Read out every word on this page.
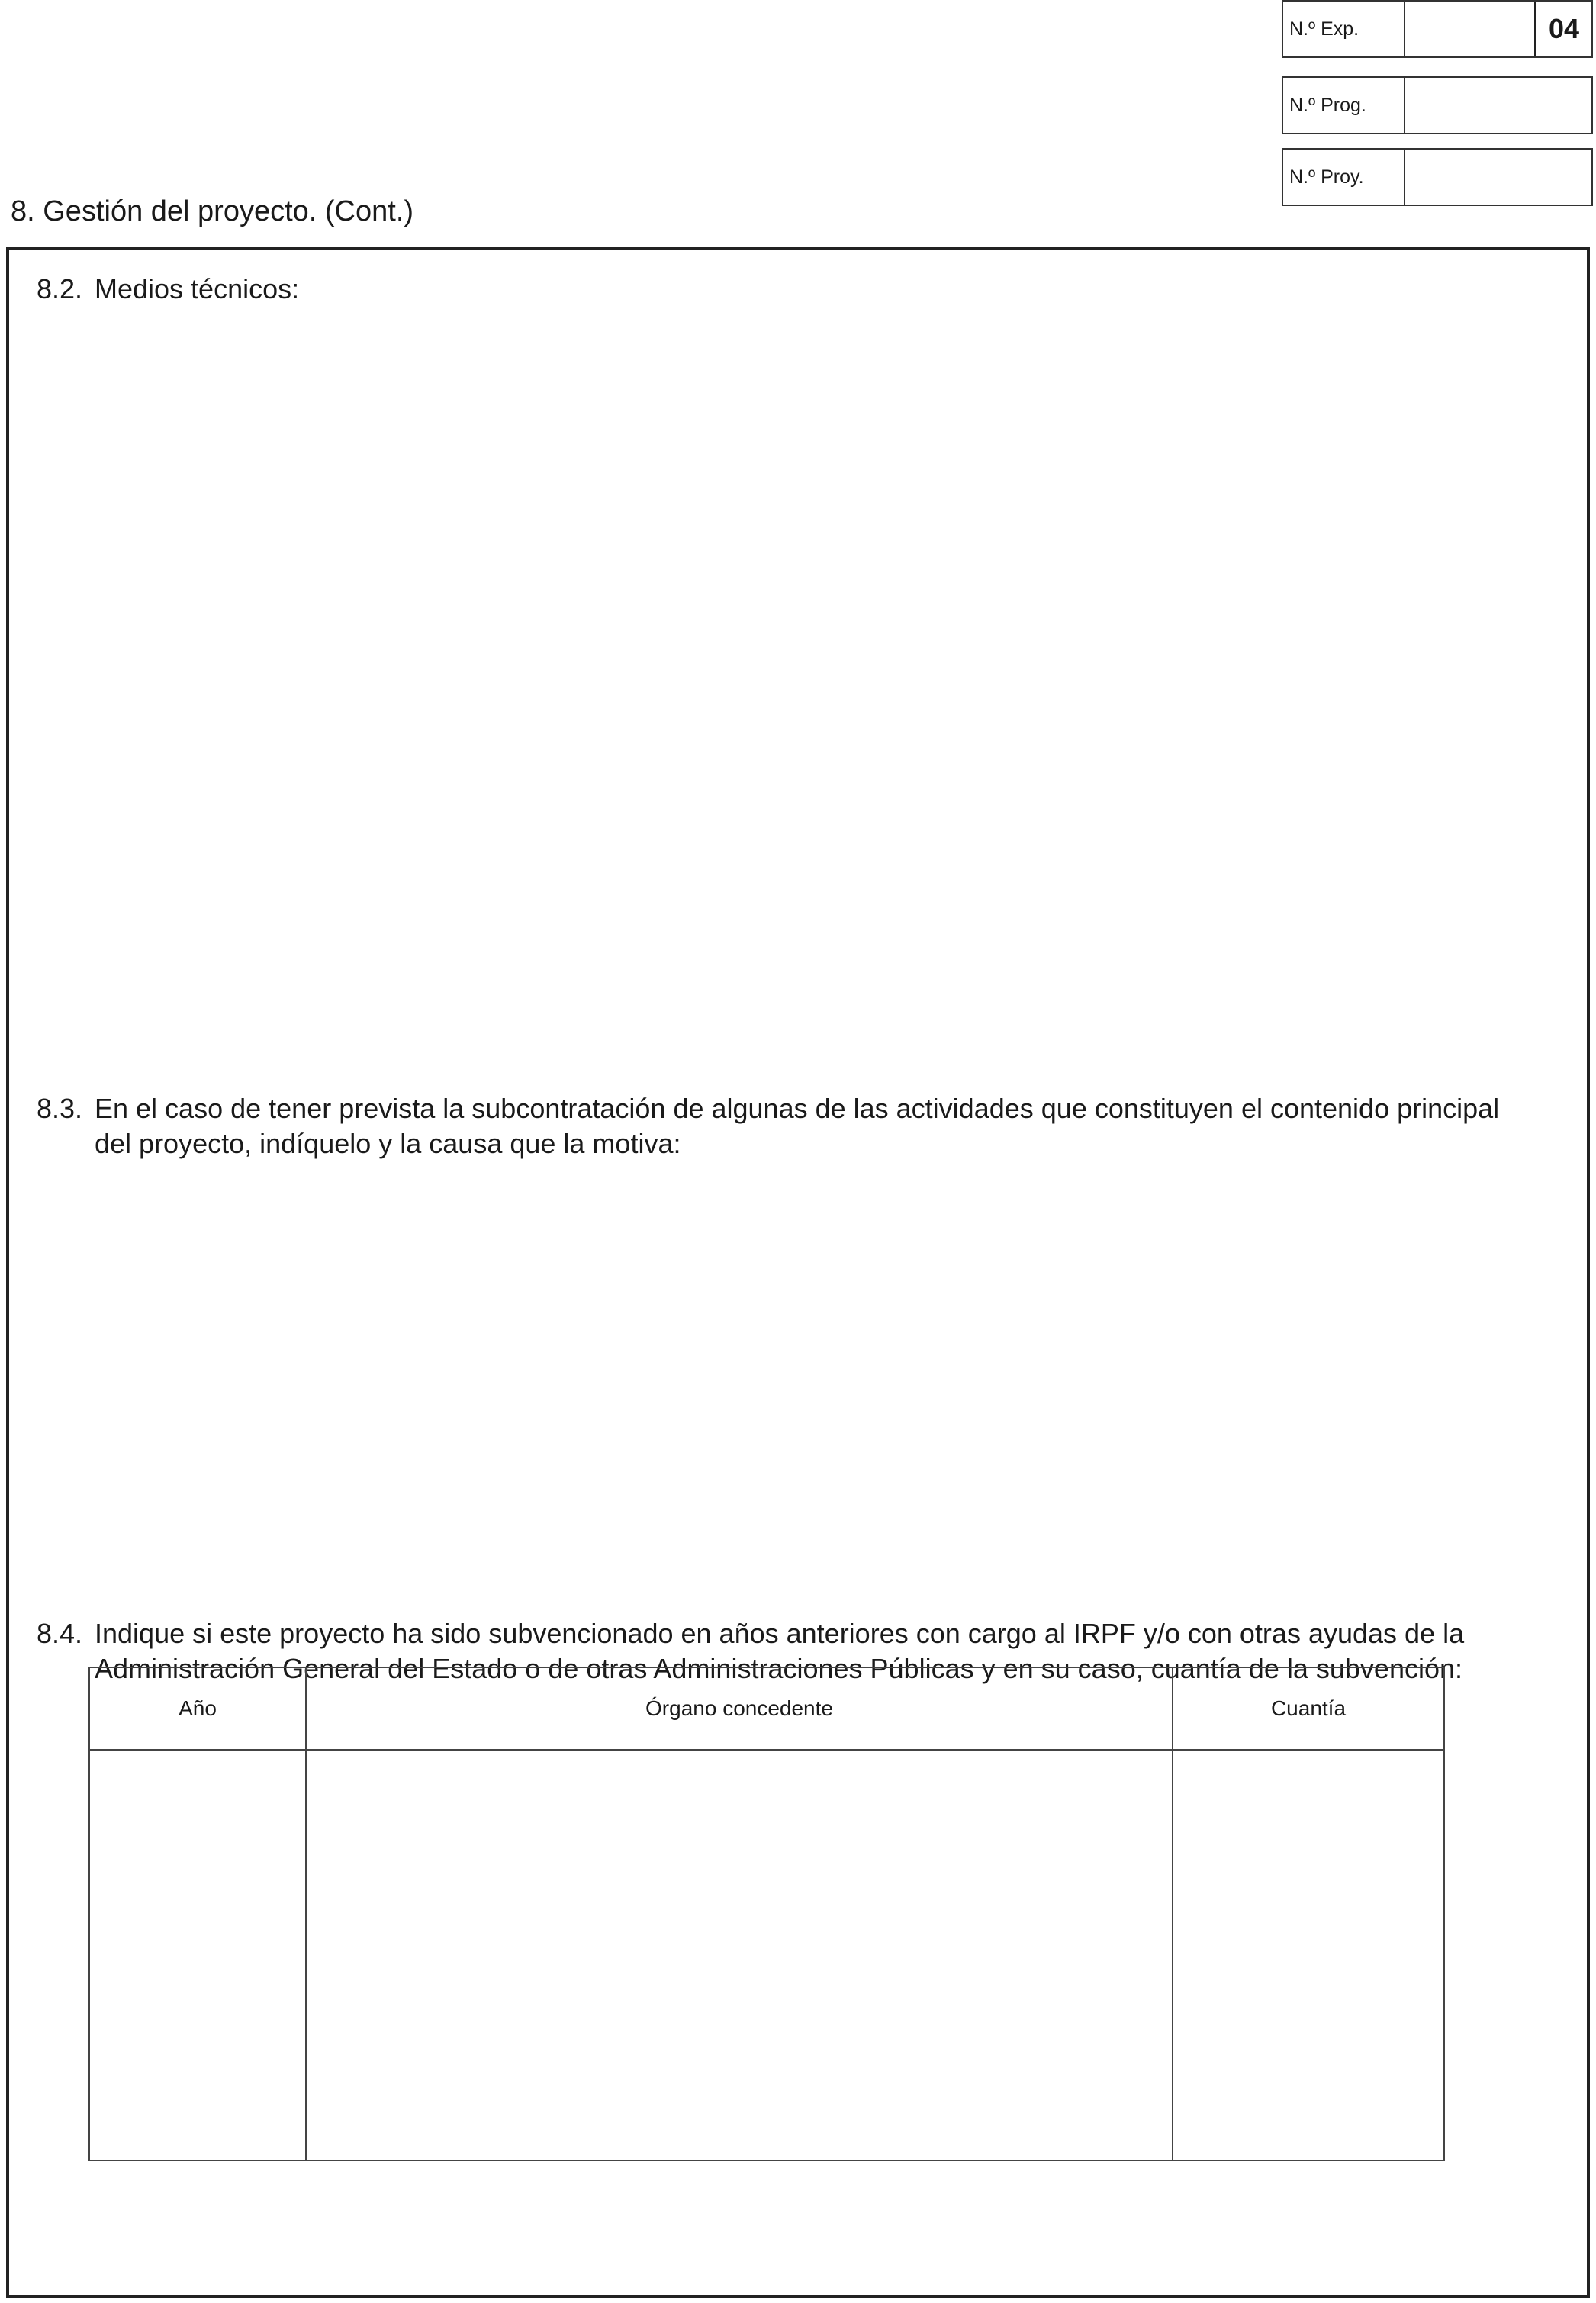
N.º Exp.	04
N.º Prog.
N.º Proy.
8. Gestión del proyecto. (Cont.)
8.2. Medios técnicos:
8.3. En el caso de tener prevista la subcontratación de algunas de las actividades que constituyen el contenido principal del proyecto, indíquelo y la causa que la motiva:
8.4. Indique si este proyecto ha sido subvencionado en años anteriores con cargo al IRPF y/o con otras ayudas de la Administración General del Estado o de otras Administraciones Públicas y en su caso, cuantía de la subvención:
Año	Órgano concedente	Cuantía
